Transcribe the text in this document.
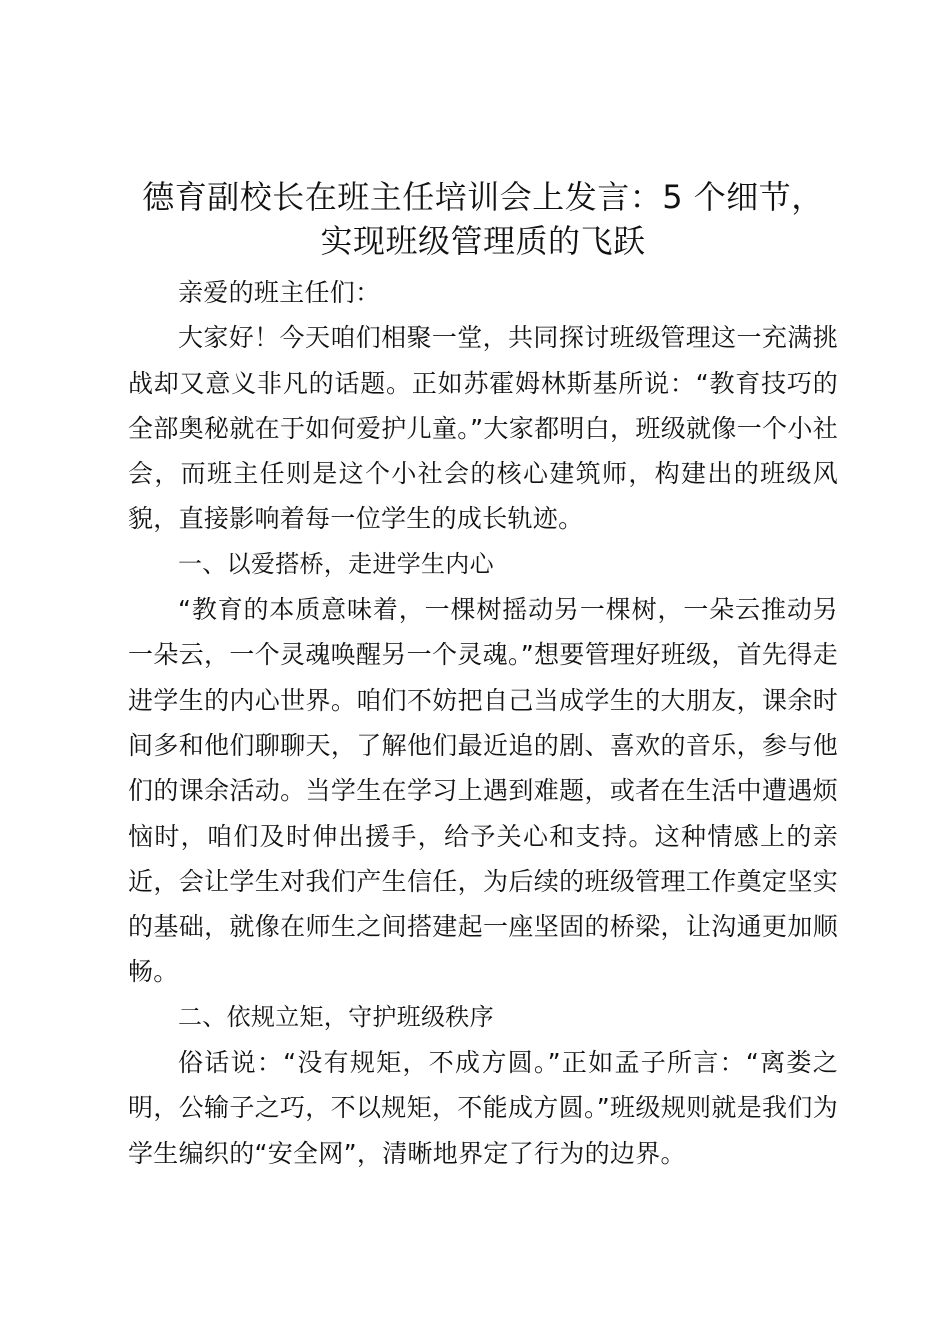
德育副校长在班主任培训会上发言：5 个细节，
实现班级管理质的飞跃

亲爱的班主任们：

大家好！今天咱们相聚一堂，共同探讨班级管理这一充满挑战却又意义非凡的话题。正如苏霍姆林斯基所说：“教育技巧的全部奥秘就在于如何爱护儿童。”大家都明白，班级就像一个小社会，而班主任则是这个小社会的核心建筑师，构建出的班级风貌，直接影响着每一位学生的成长轨迹。

一、以爱搭桥，走进学生内心

“教育的本质意味着，一棵树摇动另一棵树，一朵云推动另一朵云，一个灵魂唤醒另一个灵魂。”想要管理好班级，首先得走进学生的内心世界。咱们不妨把自己当成学生的大朋友，课余时间多和他们聊聊天，了解他们最近追的剧、喜欢的音乐，参与他们的课余活动。当学生在学习上遇到难题，或者在生活中遭遇烦恼时，咱们及时伸出援手，给予关心和支持。这种情感上的亲近，会让学生对我们产生信任，为后续的班级管理工作奠定坚实的基础，就像在师生之间搭建起一座坚固的桥梁，让沟通更加顺畅。

二、依规立矩，守护班级秩序

俗话说：“没有规矩，不成方圆。”正如孟子所言：“离娄之明，公输子之巧，不以规矩，不能成方圆。”班级规则就是我们为学生编织的“安全网”，清晰地界定了行为的边界。
